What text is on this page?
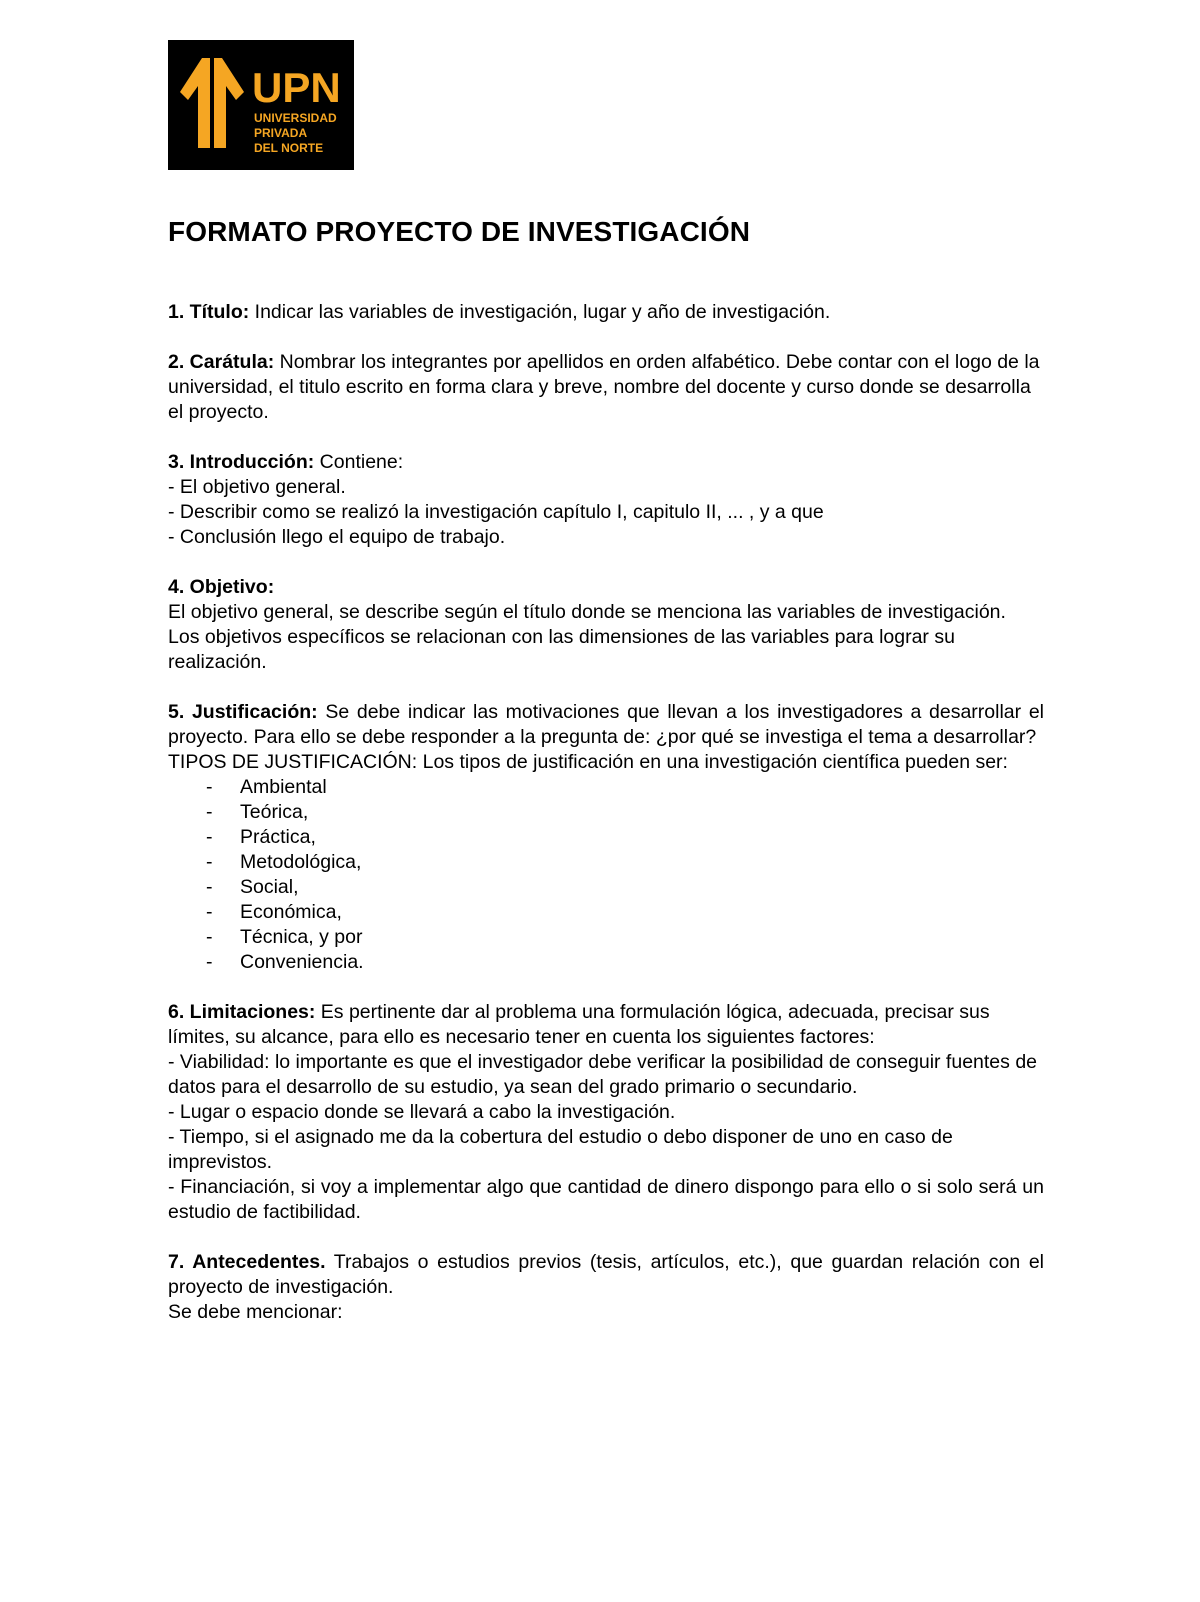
UPN
UNIVERSIDAD
PRIVADA
DEL NORTE
FORMATO PROYECTO DE INVESTIGACIÓN

1. Título: Indicar las variables de investigación, lugar y año de investigación.

2. Carátula: Nombrar los integrantes por apellidos en orden alfabético. Debe contar con el logo de la universidad, el titulo escrito en forma clara y breve, nombre del docente y curso donde se desarrolla el proyecto.

3. Introducción: Contiene:

- El objetivo general.

- Describir como se realizó la investigación capítulo I, capitulo II, ... , y a que

- Conclusión llego el equipo de trabajo.

4. Objetivo:

El objetivo general, se describe según el título donde se menciona las variables de investigación.

Los objetivos específicos se relacionan con las dimensiones de las variables para lograr su realización.

5. Justificación: Se debe indicar las motivaciones que llevan a los investigadores a desarrollar el proyecto. Para ello se debe responder a la pregunta de: ¿por qué se investiga el tema a desarrollar?

TIPOS DE JUSTIFICACIÓN: Los tipos de justificación en una investigación científica pueden ser:

- Ambiental
- Teórica,
- Práctica,
- Metodológica,
- Social,
- Económica,
- Técnica, y por
- Conveniencia.

6. Limitaciones: Es pertinente dar al problema una formulación lógica, adecuada, precisar sus límites, su alcance, para ello es necesario tener en cuenta los siguientes factores:

- Viabilidad: lo importante es que el investigador debe verificar la posibilidad de conseguir fuentes de datos para el desarrollo de su estudio, ya sean del grado primario o secundario.

- Lugar o espacio donde se llevará a cabo la investigación.

- Tiempo, si el asignado me da la cobertura del estudio o debo disponer de uno en caso de imprevistos.

- Financiación, si voy a implementar algo que cantidad de dinero dispongo para ello o si solo será un estudio de factibilidad.

7. Antecedentes. Trabajos o estudios previos (tesis, artículos, etc.), que guardan relación con el proyecto de investigación.

Se debe mencionar:
